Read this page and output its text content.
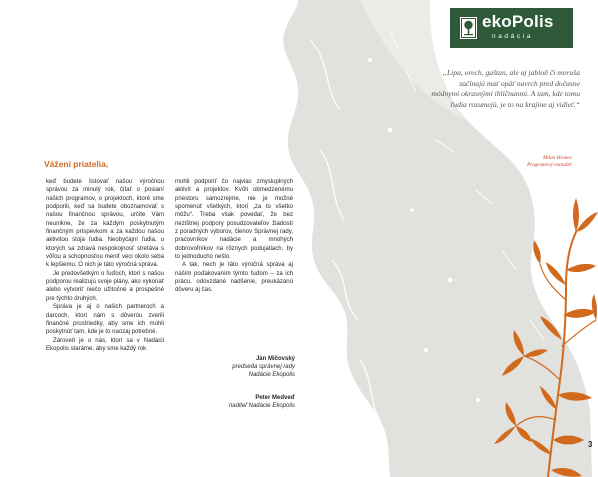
Vážení priatelia,

keď budete listovať našou výročnou správou za minulý rok, čítať o poslaní našich programov, o projektoch, ktoré sme podporili, keď sa budete oboznamovať s našou finančnou správou, určite Vám neunikne, že za každým poskytnutým finančným príspevkom a za každou našou aktivitou stoja ľudia. Neobyčajní ľudia, u ktorých sa zdravá nespokojnosť stretáva s vôľou a schopnosťou meniť veci okolo seba k lepšiemu. O nich je táto výročná správa.

Je predovšetkým o ľuďoch, ktorí s našou podporou realizujú svoje plány, ako vykonať alebo vytvoriť niečo užitočné a prospešné pre týchto druhých.

Správa je aj o našich partneroch a darcoch, ktorí nám s dôverou zverili finančné prostriedky, aby sme ich mohli poskytnúť tam, kde je to naozaj potrebné.

Zároveň je o nás, ktorí sa v Nadácii Ekopolis staráme, aby sme každý rok

mohli podporiť čo najviac zmysluplných aktivít a projektov. Kvôli obmedzenému priestoru samozrejme, nie je možné spomenúť všetkých, ktorí „za to všetko môžu“. Treba však povedať, že bez nezištnej podpory posudzovateľov žiadostí z poradných výborov, členov Správnej rady, pracovníkov nadácie a mnohých dobrovoľníkov na rôznych podujatiach, by to jednoducho nešlo.

A tak, nech je táto výročná správa aj naším poďakovaním týmto ľuďom – za ich prácu, odovzdané nadšenie, preukázanú dôveru aj čas.

Ján Mičovský
predseda správnej rady
Nadácie Ekopolis
Peter Medveď
riaditeľ Nadácie Ekopolis
ekoPolis
nadácia

„Lipa, orech, gaštan, ale aj jabloň či moruša začínajú mať opäť navrch pred dočasne módnymi okrasnými ihličnanmi. A tam, kde tomu ľudia rozumejú, je to na krajine aj vidieť.“

Milan Hronec
Programový manažér
3
